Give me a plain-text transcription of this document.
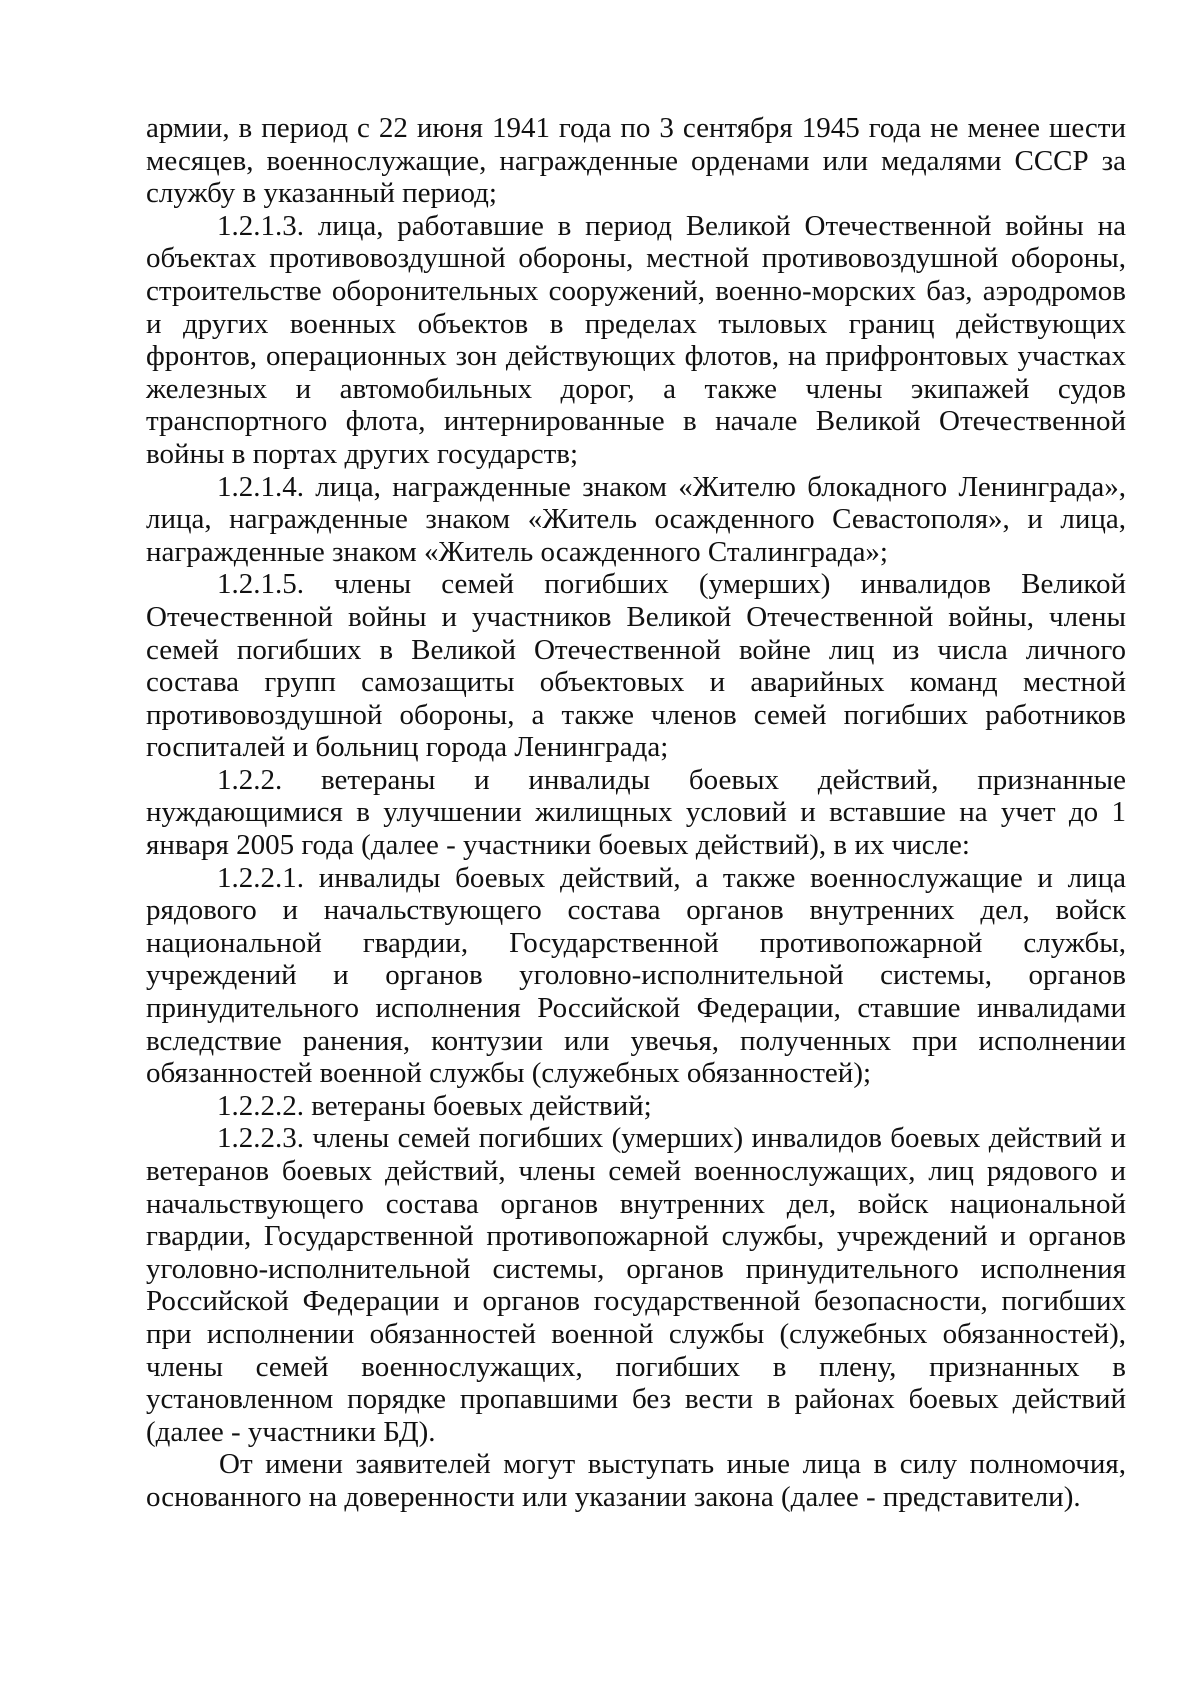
армии, в период с 22 июня 1941 года по 3 сентября 1945 года не менее шести месяцев, военнослужащие, награжденные орденами или медалями СССР за службу в указанный период;

1.2.1.3. лица, работавшие в период Великой Отечественной войны на объектах противовоздушной обороны, местной противовоздушной обороны, строительстве оборонительных сооружений, военно-морских баз, аэродромов и других военных объектов в пределах тыловых границ действующих фронтов, операционных зон действующих флотов, на прифронтовых участках железных и автомобильных дорог, а также члены экипажей судов транспортного флота, интернированные в начале Великой Отечественной войны в портах других государств;

1.2.1.4. лица, награжденные знаком «Жителю блокадного Ленинграда», лица, награжденные знаком «Житель осажденного Севастополя», и лица, награжденные знаком «Житель осажденного Сталинграда»;

1.2.1.5. члены семей погибших (умерших) инвалидов Великой Отечественной войны и участников Великой Отечественной войны, члены семей погибших в Великой Отечественной войне лиц из числа личного состава групп самозащиты объектовых и аварийных команд местной противовоздушной обороны, а также членов семей погибших работников госпиталей и больниц города Ленинграда;

1.2.2. ветераны и инвалиды боевых действий, признанные нуждающимися в улучшении жилищных условий и вставшие на учет до 1 января 2005 года (далее - участники боевых действий), в их числе:

1.2.2.1. инвалиды боевых действий, а также военнослужащие и лица рядового и начальствующего состава органов внутренних дел, войск национальной гвардии, Государственной противопожарной службы, учреждений и органов уголовно-исполнительной системы, органов принудительного исполнения Российской Федерации, ставшие инвалидами вследствие ранения, контузии или увечья, полученных при исполнении обязанностей военной службы (служебных обязанностей);

1.2.2.2. ветераны боевых действий;

1.2.2.3. члены семей погибших (умерших) инвалидов боевых действий и ветеранов боевых действий, члены семей военнослужащих, лиц рядового и начальствующего состава органов внутренних дел, войск национальной гвардии, Государственной противопожарной службы, учреждений и органов уголовно-исполнительной системы, органов принудительного исполнения Российской Федерации и органов государственной безопасности, погибших при исполнении обязанностей военной службы (служебных обязанностей), члены семей военнослужащих, погибших в плену, признанных в установленном порядке пропавшими без вести в районах боевых действий (далее - участники БД).

От имени заявителей могут выступать иные лица в силу полномочия, основанного на доверенности или указании закона (далее - представители).
